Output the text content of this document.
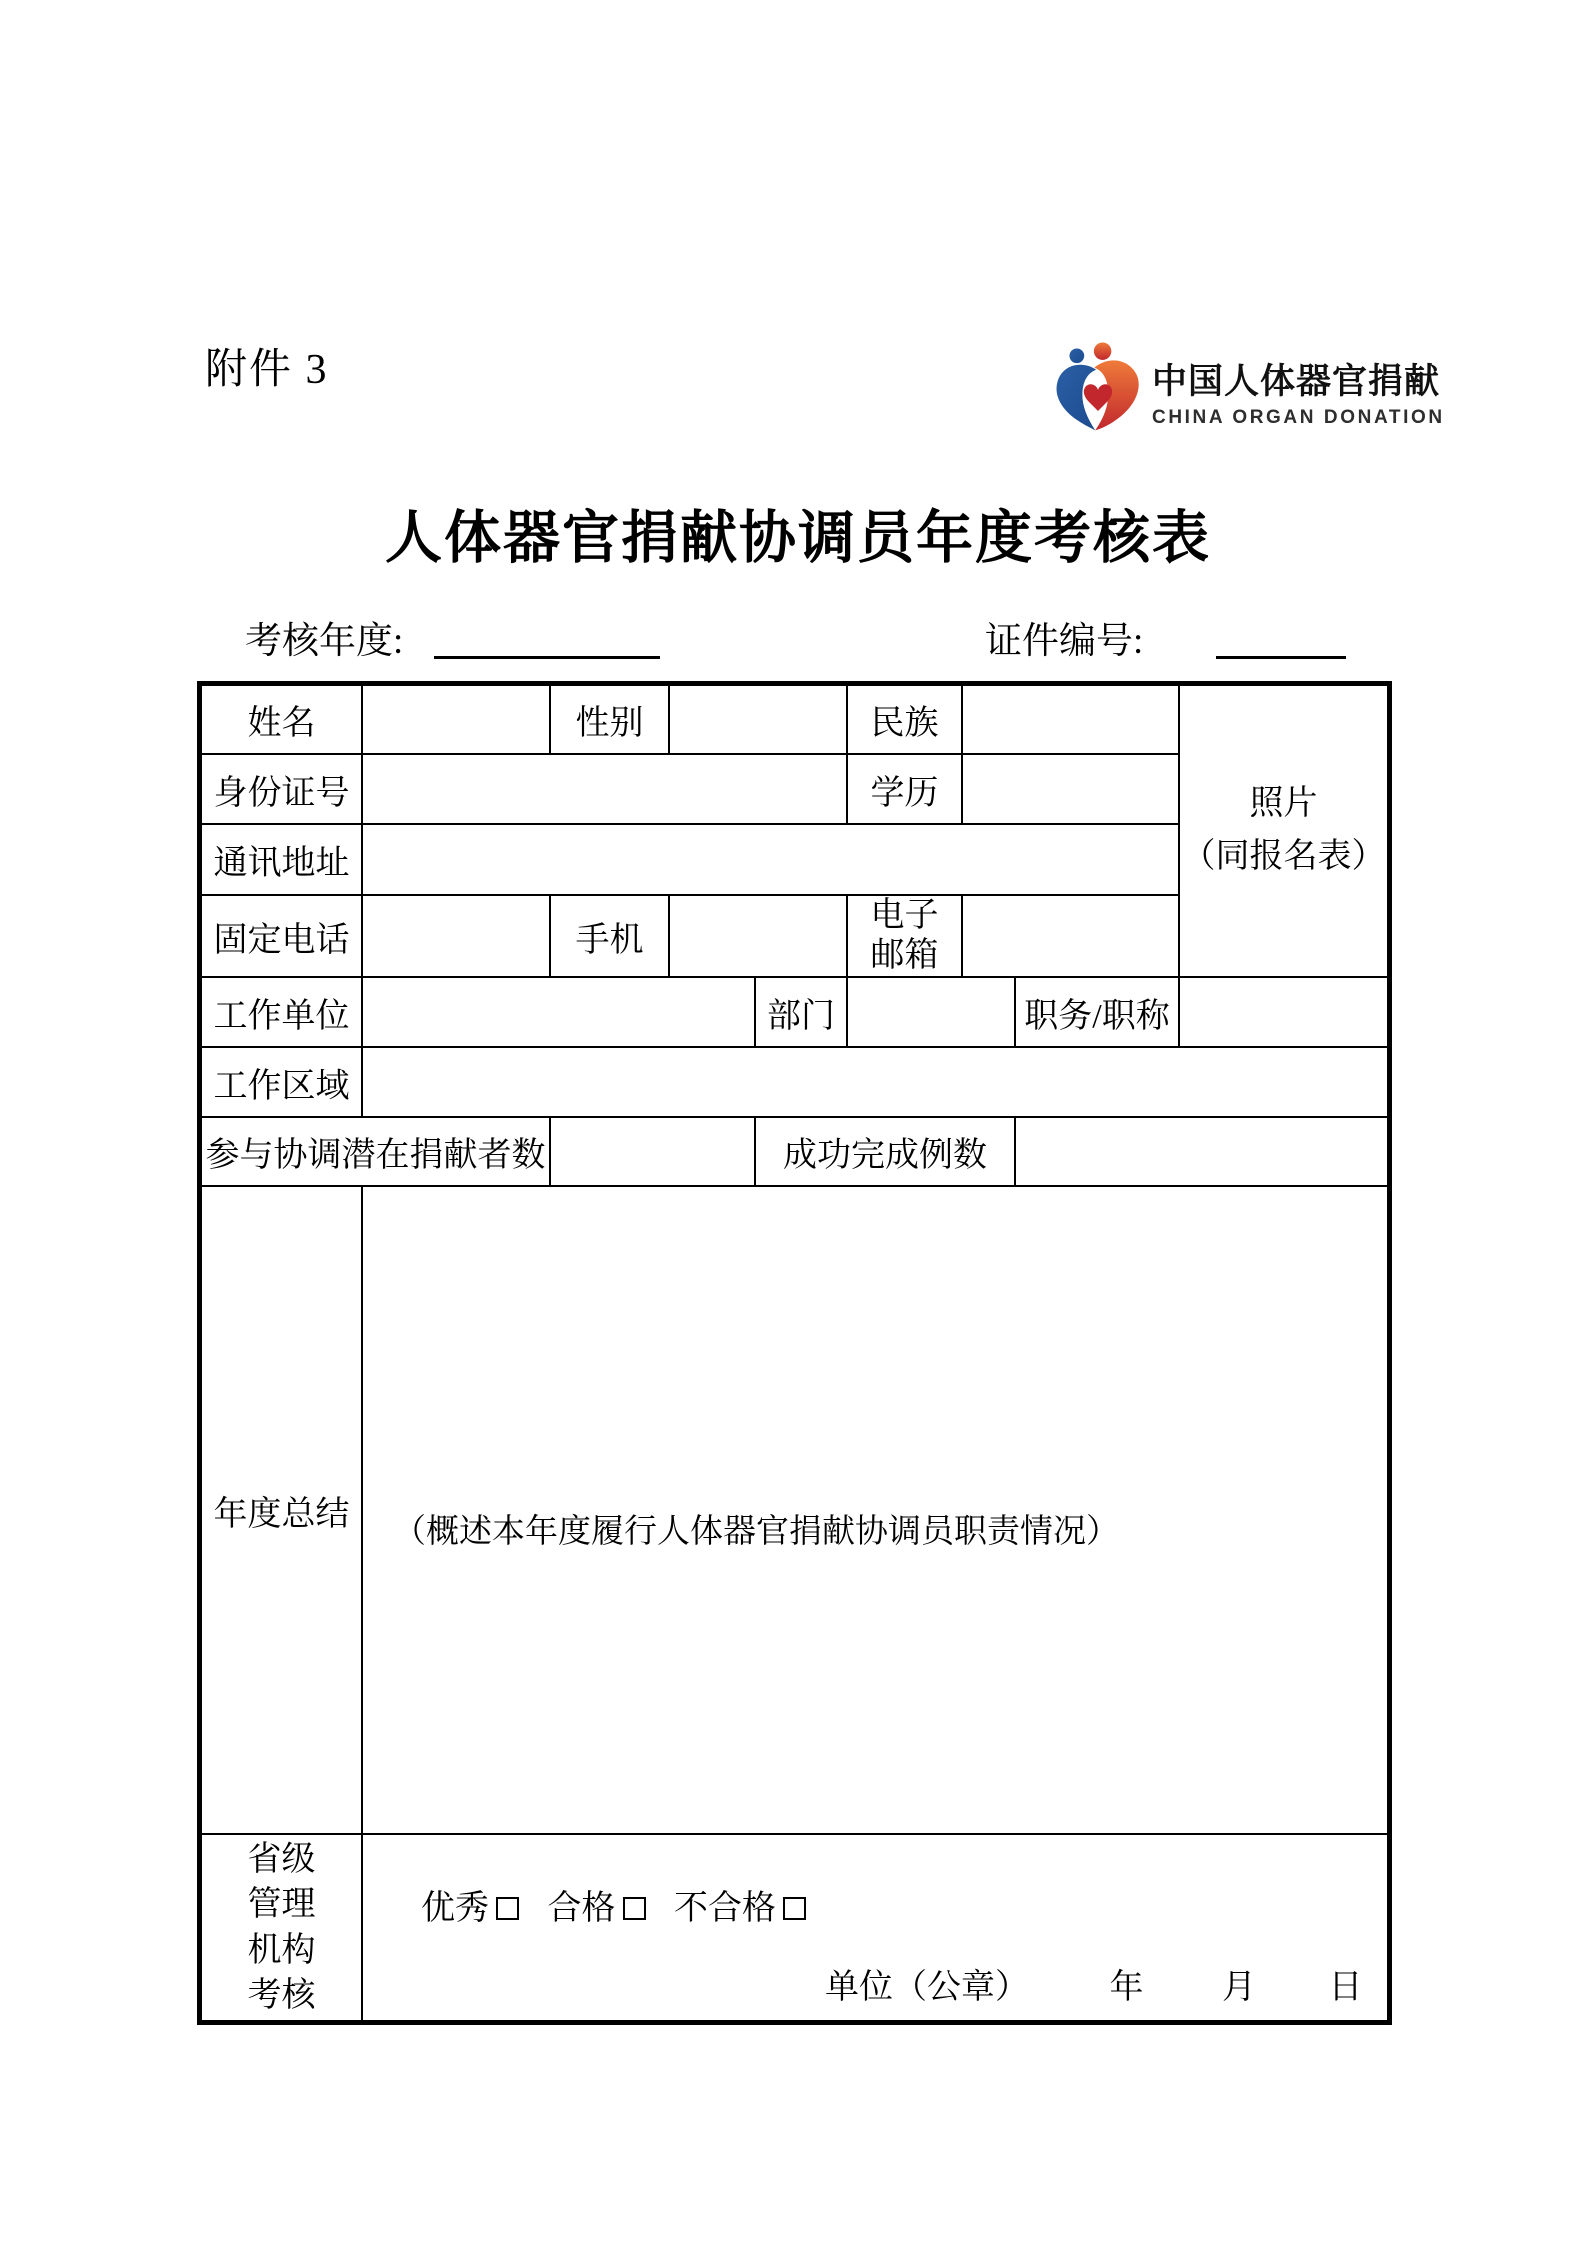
附件 3	中国人体器官捐献
CHINA ORGAN DONATION
人体器官捐献协调员年度考核表
考核年度:	证件编号:
姓名		性别			民族			照片
（同报名表）

身份证号					学历			
通讯地址								
固定电话		手机			电子
邮箱			

工作单位				部门			职务/职称	
工作区域								
参与协调潜在捐献者数				成功完成例数				
年度总结	（概述本年度履行人体器官捐献协调员职责情况）							

省级
管理
机构
考核

优秀 合格 不合格
单位（公章） 年 月 日
